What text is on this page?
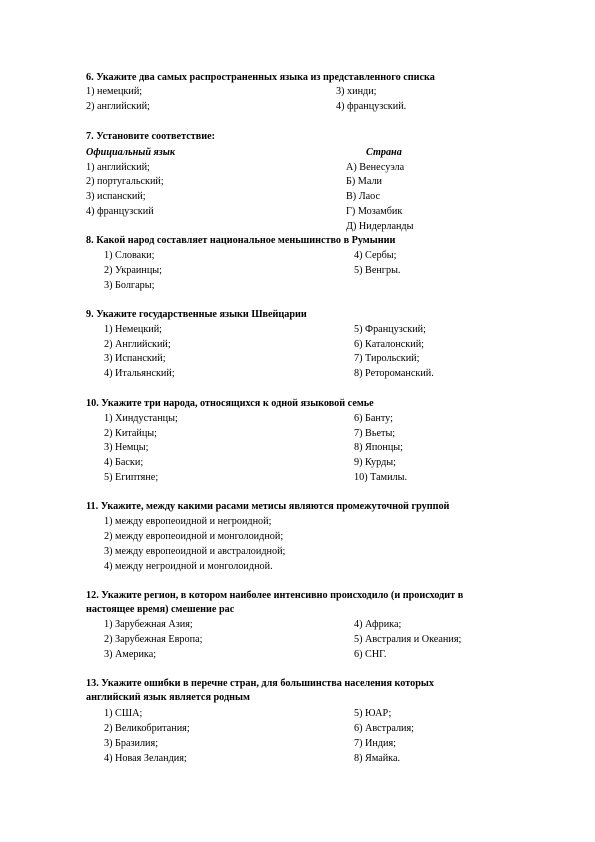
6. Укажите два самых распространенных языка из представленного списка
1) немецкий;
2) английский;
3) хинди;
4) французский.
7. Установите соответствие:
Официальный язык	Страна
1) английский;
2) португальский;
3) испанский;
4) французский
А) Венесуэла
Б) Мали
В) Лаос
Г) Мозамбик
Д) Нидерланды
8. Какой народ составляет национальное меньшинство в Румынии
1) Словаки;
2) Украинцы;
3) Болгары;
4) Сербы;
5) Венгры.
9. Укажите государственные языки Швейцарии
1) Немецкий;
2) Английский;
3) Испанский;
4) Итальянский;
5) Французский;
6) Каталонский;
7) Тирольский;
8) Ретороманский.
10. Укажите три народа, относящихся к одной языковой семье
1) Хиндустанцы;
2) Китайцы;
3) Немцы;
4) Баски;
5) Египтяне;
6) Банту;
7) Вьеты;
8) Японцы;
9) Курды;
10) Тамилы.
11. Укажите, между какими расами метисы являются промежуточной группой
1) между европеоидной и негроидной;
2) между европеоидной и монголоидной;
3) между европеоидной и австралоидной;
4) между негроидной и монголоидной.
12. Укажите регион, в котором наиболее интенсивно происходило (и происходит в
настоящее время) смешение рас
1) Зарубежная Азия;
2) Зарубежная Европа;
3) Америка;
4) Африка;
5) Австралия и Океания;
6) СНГ.
13. Укажите ошибки в перечне стран, для большинства населения которых
английский язык является родным
1) США;
2) Великобритания;
3) Бразилия;
4) Новая Зеландия;
5) ЮАР;
6) Австралия;
7) Индия;
8) Ямайка.
